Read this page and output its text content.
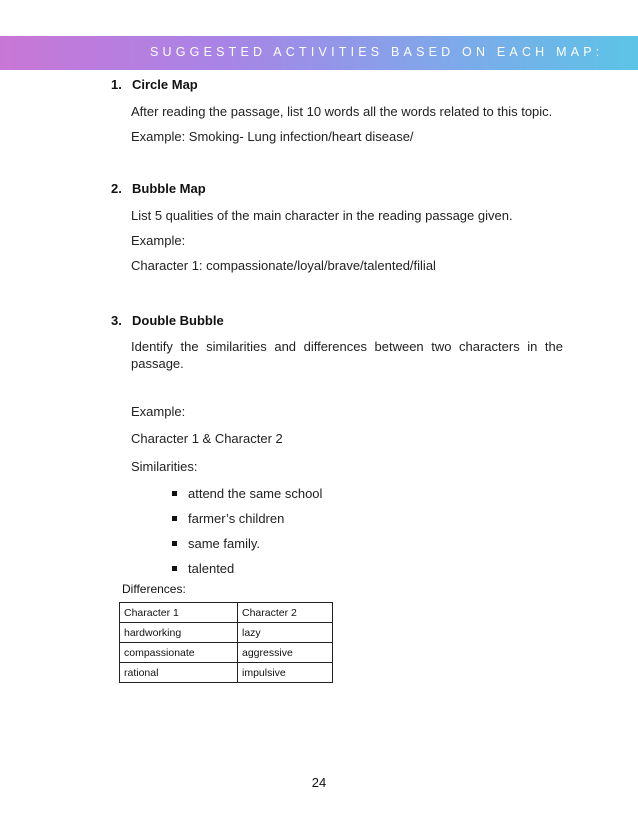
SUGGESTED ACTIVITIES BASED ON EACH MAP:
1. Circle Map
After reading the passage, list 10 words all the words related to this topic.
Example: Smoking- Lung infection/heart disease/
2. Bubble Map
List 5 qualities of the main character in the reading passage given.
Example:
Character 1: compassionate/loyal/brave/talented/filial
3. Double Bubble
Identify the similarities and differences between two characters in the passage.
Example:
Character 1 & Character 2
Similarities:
attend the same school
farmer’s children
same family.
talented
Differences:
Character 1	Character 2
hardworking	lazy
compassionate	aggressive
rational	impulsive
24
